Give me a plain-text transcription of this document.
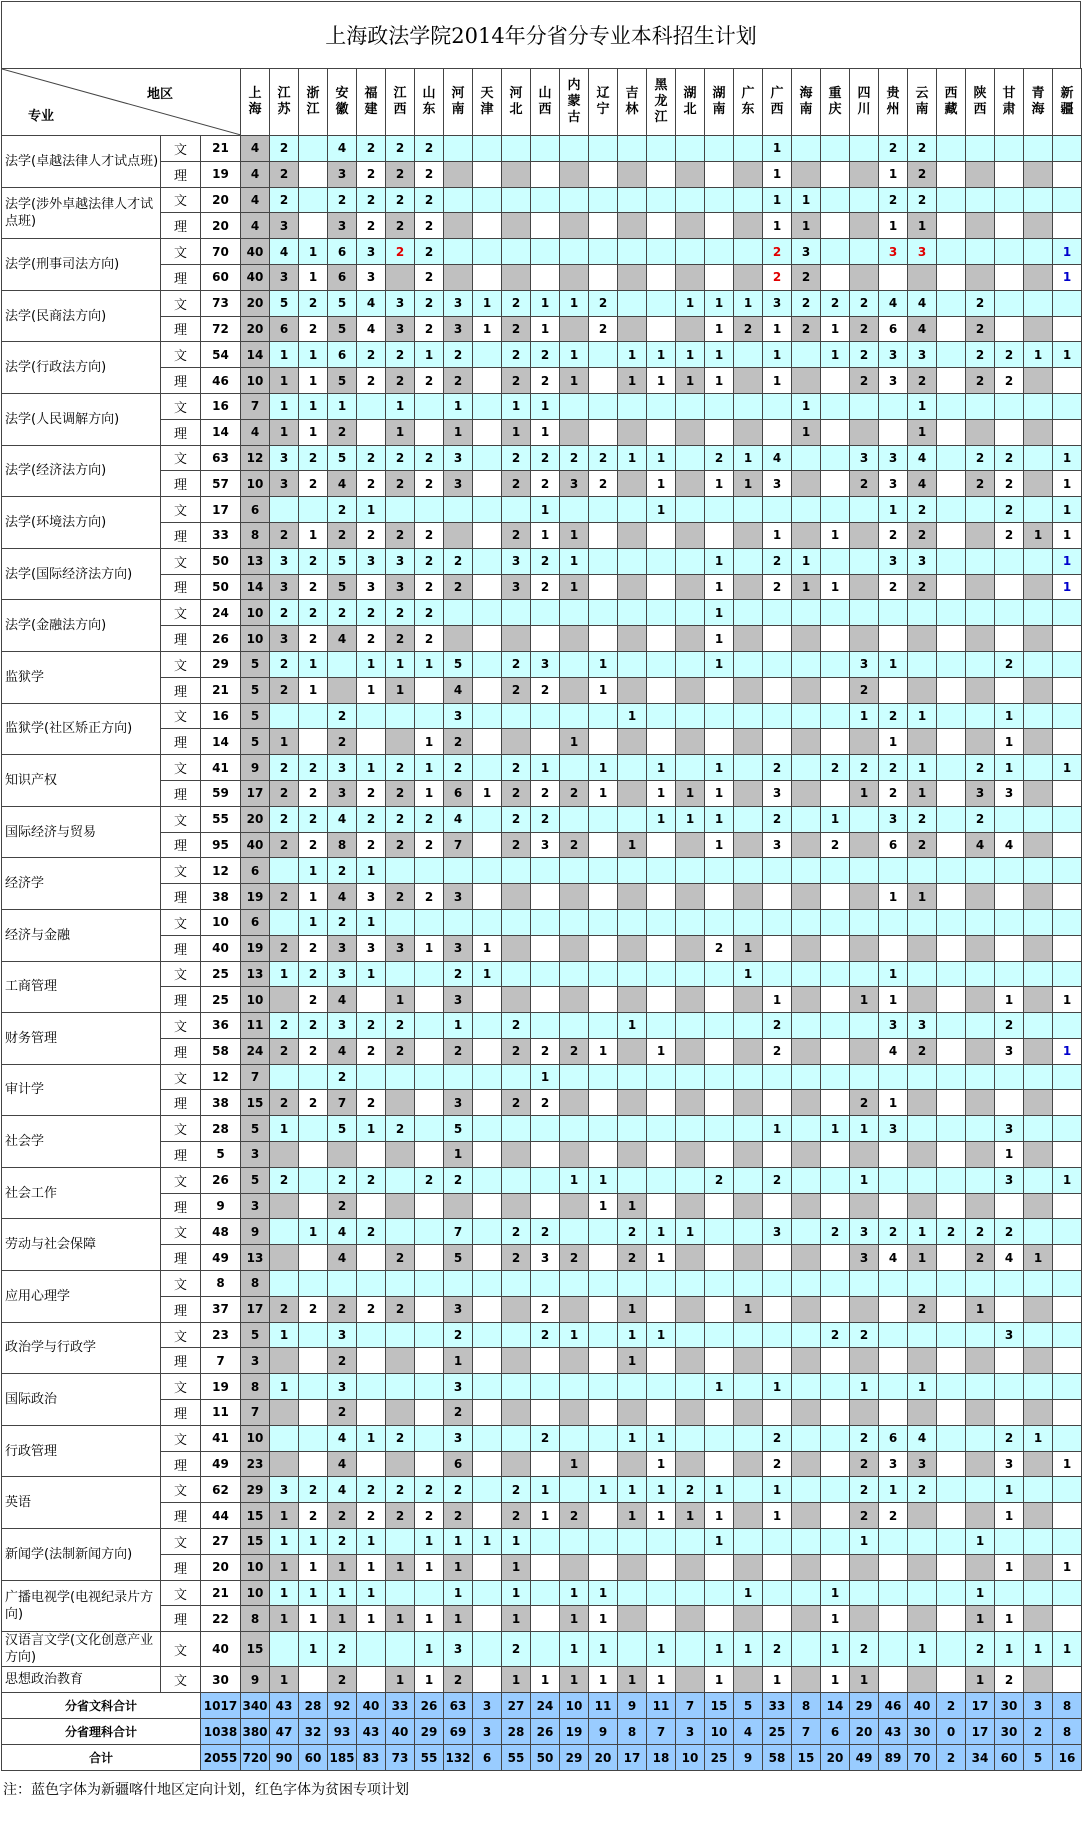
上海政法学院2014年分省分专业本科招生计划
地区
专业			上海	江苏	浙江	安徽	福建	江西	山东	河南	天津	河北	山西	内蒙古	辽宁	吉林	黑龙江	湖北	湖南	广东	广西	海南	重庆	四川	贵州	云南	西藏	陕西	甘肃	青海	新疆

法学(卓越法律人才试点班)	文	21	4	2		4	2	2	2												1				2	2					
	理	19	4	2		3	2	2	2												1				1	2					
法学(涉外卓越法律人才试点班)	文	20	4	2		2	2	2	2												1	1			2	2					
	理	20	4	3		3	2	2	2												1	1			1	1					
法学(刑事司法方向)	文	70	40	4	1	6	3	2	2												2	3			3	3					1
	理	60	40	3	1	6	3		2												2	2									1
法学(民商法方向)	文	73	20	5	2	5	4	3	2	3	1	2	1	1	2			1	1	1	3	2	2	2	4	4		2			
	理	72	20	6	2	5	4	3	2	3	1	2	1		2				1	2	1	2	1	2	6	4		2			
法学(行政法方向)	文	54	14	1	1	6	2	2	1	2		2	2	1		1	1	1	1		1		1	2	3	3		2	2	1	1
	理	46	10	1	1	5	2	2	2	2		2	2	1		1	1	1	1		1			2	3	2		2	2		
法学(人民调解方向)	文	16	7	1	1	1		1		1		1	1									1				1					
	理	14	4	1	1	2		1		1		1	1									1				1					
法学(经济法方向)	文	63	12	3	2	5	2	2	2	3		2	2	2	2	1	1		2	1	4			3	3	4		2	2		1
	理	57	10	3	2	4	2	2	2	3		2	2	3	2		1		1	1	3			2	3	4		2	2		1
法学(环境法方向)	文	17	6			2	1						1				1								1	2			2		1
	理	33	8	2	1	2	2	2	2			2	1	1							1		1		2	2			2	1	1
法学(国际经济法方向)	文	50	13	3	2	5	3	3	2	2		3	2	1					1		2	1			3	3					1
	理	50	14	3	2	5	3	3	2	2		3	2	1					1		2	1	1		2	2					1
法学(金融法方向)	文	24	10	2	2	2	2	2	2										1												
	理	26	10	3	2	4	2	2	2										1												
监狱学	文	29	5	2	1		1	1	1	5		2	3		1				1					3	1				2		
	理	21	5	2	1		1	1		4		2	2		1									2							
监狱学(社区矫正方向)	文	16	5			2				3						1								1	2	1			1		
	理	14	5	1		2			1	2				1											1				1		
知识产权	文	41	9	2	2	3	1	2	1	2		2	1		1		1		1		2		2	2	2	1		2	1		1
	理	59	17	2	2	3	2	2	1	6	1	2	2	2	1		1	1	1		3			1	2	1		3	3		
国际经济与贸易	文	55	20	2	2	4	2	2	2	4		2	2				1	1	1		2		1		3	2		2			
	理	95	40	2	2	8	2	2	2	7		2	3	2		1			1		3		2		6	2		4	4		
经济学	文	12	6		1	2	1																								
	理	38	19	2	1	4	3	2	2	3															1	1					
经济与金融	文	10	6		1	2	1																								
	理	40	19	2	2	3	3	3	1	3	1								2	1											
工商管理	文	25	13	1	2	3	1			2	1									1					1						
	理	25	10		2	4		1		3											1			1	1				1		1
财务管理	文	36	11	2	2	3	2	2		1		2				1					2				3	3			2		
	理	58	24	2	2	4	2	2		2		2	2	2	1		1				2				4	2			3		1
审计学	文	12	7			2							1																		
	理	38	15	2	2	7	2			3		2	2											2	1						
社会学	文	28	5	1		5	1	2		5											1		1	1	3				3		
	理	5	3							1																			1		
社会工作	文	26	5	2		2	2		2	2				1	1				2		2			1					3		1
	理	9	3			2									1	1															
劳动与社会保障	文	48	9		1	4	2			7		2	2			2	1	1			3		2	3	2	1	2	2	2		
	理	49	13			4		2		5		2	3	2		2	1							3	4	1		2	4	1	
应用心理学	文	8	8																												
	理	37	17	2	2	2	2	2		3			2			1				1						2		1			
政治学与行政学	文	23	5	1		3				2			2	1		1	1						2	2					3		
	理	7	3			2				1						1															
国际政治	文	19	8	1		3				3									1		1			1		1					
	理	11	7			2				2																					
行政管理	文	41	10			4	1	2		3			2			1	1				2			2	6	4			2	1	
	理	49	23			4				6				1			1				2			2	3	3			3		1
英语	文	62	29	3	2	4	2	2	2	2		2	1		1	1	1	2	1		1			2	1	2			1		
	理	44	15	1	2	2	2	2	2	2		2	1	2		1	1	1	1		1			2	2				1		
新闻学(法制新闻方向)	文	27	15	1	1	2	1		1	1	1	1							1					1				1			
	理	20	10	1	1	1	1	1	1	1		1																	1		1
广播电视学(电视纪录片方向)	文	21	10	1	1	1	1			1		1		1	1					1			1					1			
	理	22	8	1	1	1	1	1	1	1		1		1	1								1					1	1		
汉语言文学(文化创意产业方向)	文	40	15		1	2			1	3		2		1	1		1		1	1	2		1	2		1		2	1	1	1
思想政治教育	文	30	9	1		2		1	1	2		1	1	1	1	1	1		1		1		1	1				1	2		
分省文科合计		1017	340	43	28	92	40	33	26	63	3	27	24	10	11	9	11	7	15	5	33	8	14	29	46	40	2	17	30	3	8
分省理科合计		1038	380	47	32	93	43	40	29	69	3	28	26	19	9	8	7	3	10	4	25	7	6	20	43	30	0	17	30	2	8
合计		2055	720	90	60	185	83	73	55	132	6	55	50	29	20	17	18	10	25	9	58	15	20	49	89	70	2	34	60	5	16
注：蓝色字体为新疆喀什地区定向计划，红色字体为贫困专项计划
